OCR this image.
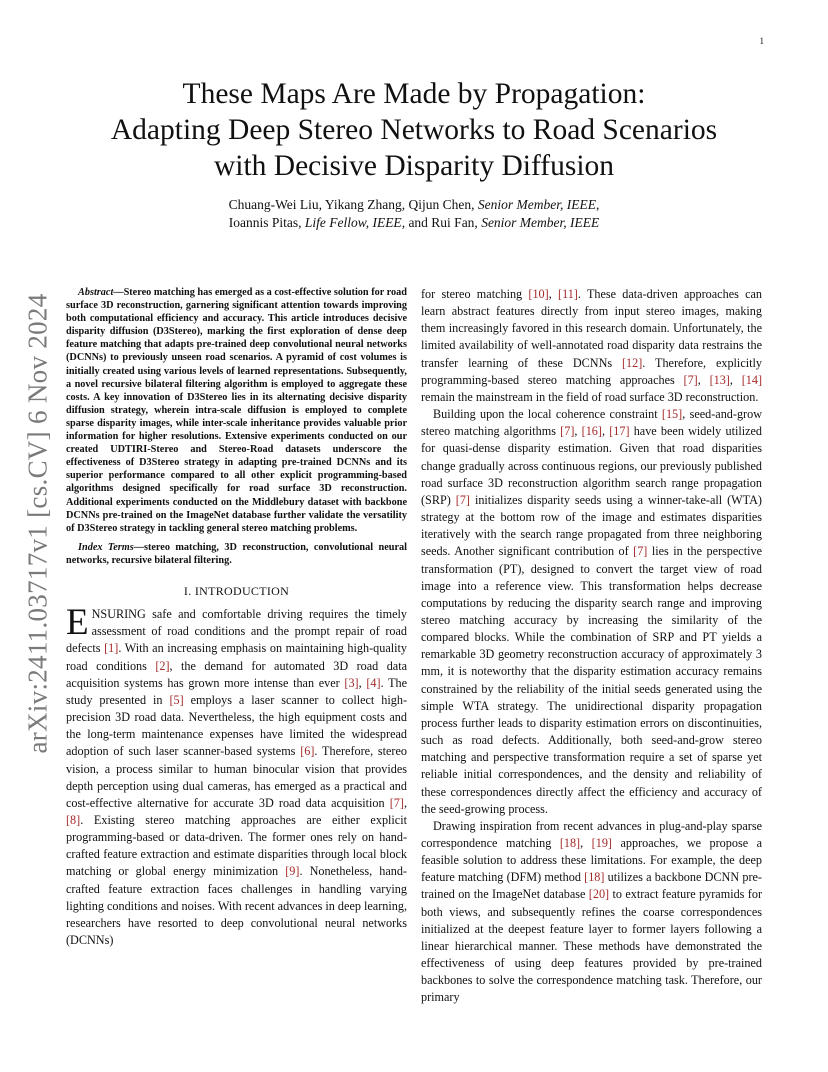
1
arXiv:2411.03717v1 [cs.CV] 6 Nov 2024
These Maps Are Made by Propagation:
Adapting Deep Stereo Networks to Road Scenarios
with Decisive Disparity Diffusion
Chuang-Wei Liu, Yikang Zhang, Qijun Chen, Senior Member, IEEE,
Ioannis Pitas, Life Fellow, IEEE, and Rui Fan, Senior Member, IEEE

Abstract—Stereo matching has emerged as a cost-effective solution for road surface 3D reconstruction, garnering significant attention towards improving both computational efficiency and accuracy. This article introduces decisive disparity diffusion (D3Stereo), marking the first exploration of dense deep feature matching that adapts pre-trained deep convolutional neural networks (DCNNs) to previously unseen road scenarios. A pyramid of cost volumes is initially created using various levels of learned representations. Subsequently, a novel recursive bilateral filtering algorithm is employed to aggregate these costs. A key innovation of D3Stereo lies in its alternating decisive disparity diffusion strategy, wherein intra-scale diffusion is employed to complete sparse disparity images, while inter-scale inheritance provides valuable prior information for higher resolutions. Extensive experiments conducted on our created UDTIRI-Stereo and Stereo-Road datasets underscore the effectiveness of D3Stereo strategy in adapting pre-trained DCNNs and its superior performance compared to all other explicit programming-based algorithms designed specifically for road surface 3D reconstruction. Additional experiments conducted on the Middlebury dataset with backbone DCNNs pre-trained on the ImageNet database further validate the versatility of D3Stereo strategy in tackling general stereo matching problems.

Index Terms—stereo matching, 3D reconstruction, convolutional neural networks, recursive bilateral filtering.

I. INTRODUCTION

ENSURING safe and comfortable driving requires the timely assessment of road conditions and the prompt repair of road defects [1]. With an increasing emphasis on maintaining high-quality road conditions [2], the demand for automated 3D road data acquisition systems has grown more intense than ever [3], [4]. The study presented in [5] employs a laser scanner to collect high-precision 3D road data. Nevertheless, the high equipment costs and the long-term maintenance expenses have limited the widespread adoption of such laser scanner-based systems [6]. Therefore, stereo vision, a process similar to human binocular vision that provides depth perception using dual cameras, has emerged as a practical and cost-effective alternative for accurate 3D road data acquisition [7], [8]. Existing stereo matching approaches are either explicit programming-based or data-driven. The former ones rely on hand-crafted feature extraction and estimate disparities through local block matching or global energy minimization [9]. Nonetheless, hand-crafted feature extraction faces challenges in handling varying lighting conditions and noises. With recent advances in deep learning, researchers have resorted to deep convolutional neural networks (DCNNs)

for stereo matching [10], [11]. These data-driven approaches can learn abstract features directly from input stereo images, making them increasingly favored in this research domain. Unfortunately, the limited availability of well-annotated road disparity data restrains the transfer learning of these DCNNs [12]. Therefore, explicitly programming-based stereo matching approaches [7], [13], [14] remain the mainstream in the field of road surface 3D reconstruction.

Building upon the local coherence constraint [15], seed-and-grow stereo matching algorithms [7], [16], [17] have been widely utilized for quasi-dense disparity estimation. Given that road disparities change gradually across continuous regions, our previously published road surface 3D reconstruction algorithm search range propagation (SRP) [7] initializes disparity seeds using a winner-take-all (WTA) strategy at the bottom row of the image and estimates disparities iteratively with the search range propagated from three neighboring seeds. Another significant contribution of [7] lies in the perspective transformation (PT), designed to convert the target view of road image into a reference view. This transformation helps decrease computations by reducing the disparity search range and improving stereo matching accuracy by increasing the similarity of the compared blocks. While the combination of SRP and PT yields a remarkable 3D geometry reconstruction accuracy of approximately 3 mm, it is noteworthy that the disparity estimation accuracy remains constrained by the reliability of the initial seeds generated using the simple WTA strategy. The unidirectional disparity propagation process further leads to disparity estimation errors on discontinuities, such as road defects. Additionally, both seed-and-grow stereo matching and perspective transformation require a set of sparse yet reliable initial correspondences, and the density and reliability of these correspondences directly affect the efficiency and accuracy of the seed-growing process.

Drawing inspiration from recent advances in plug-and-play sparse correspondence matching [18], [19] approaches, we propose a feasible solution to address these limitations. For example, the deep feature matching (DFM) method [18] utilizes a backbone DCNN pre-trained on the ImageNet database [20] to extract feature pyramids for both views, and subsequently refines the coarse correspondences initialized at the deepest feature layer to former layers following a linear hierarchical manner. These methods have demonstrated the effectiveness of using deep features provided by pre-trained backbones to solve the correspondence matching task. Therefore, our primary
